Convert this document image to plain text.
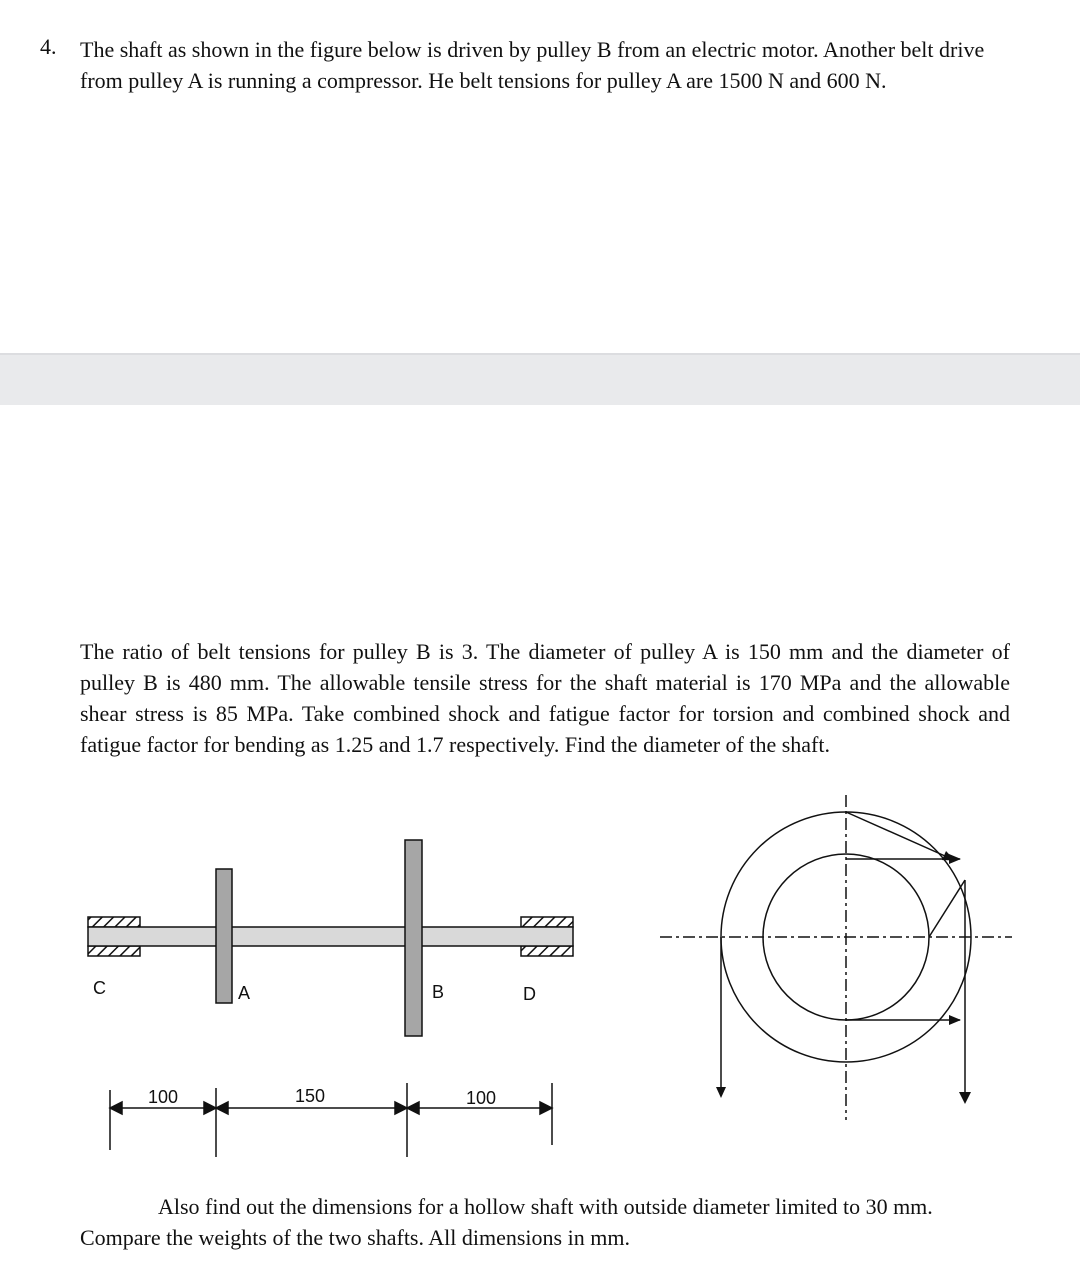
4. The shaft as shown in the figure below is driven by pulley B from an electric motor. Another belt drive from pulley A is running a compressor. He belt tensions for pulley A are 1500 N and 600 N.
The ratio of belt tensions for pulley B is 3. The diameter of pulley A is 150 mm and the diameter of pulley B is 480 mm. The allowable tensile stress for the shaft material is 170 MPa and the allowable shear stress is 85 MPa. Take combined shock and fatigue factor for torsion and combined shock and fatigue factor for bending as 1.25 and 1.7 respectively. Find the diameter of the shaft.
C	A	B	D
100	150	100
Also find out the dimensions for a hollow shaft with outside diameter limited to 30 mm. Compare the weights of the two shafts. All dimensions in mm.
